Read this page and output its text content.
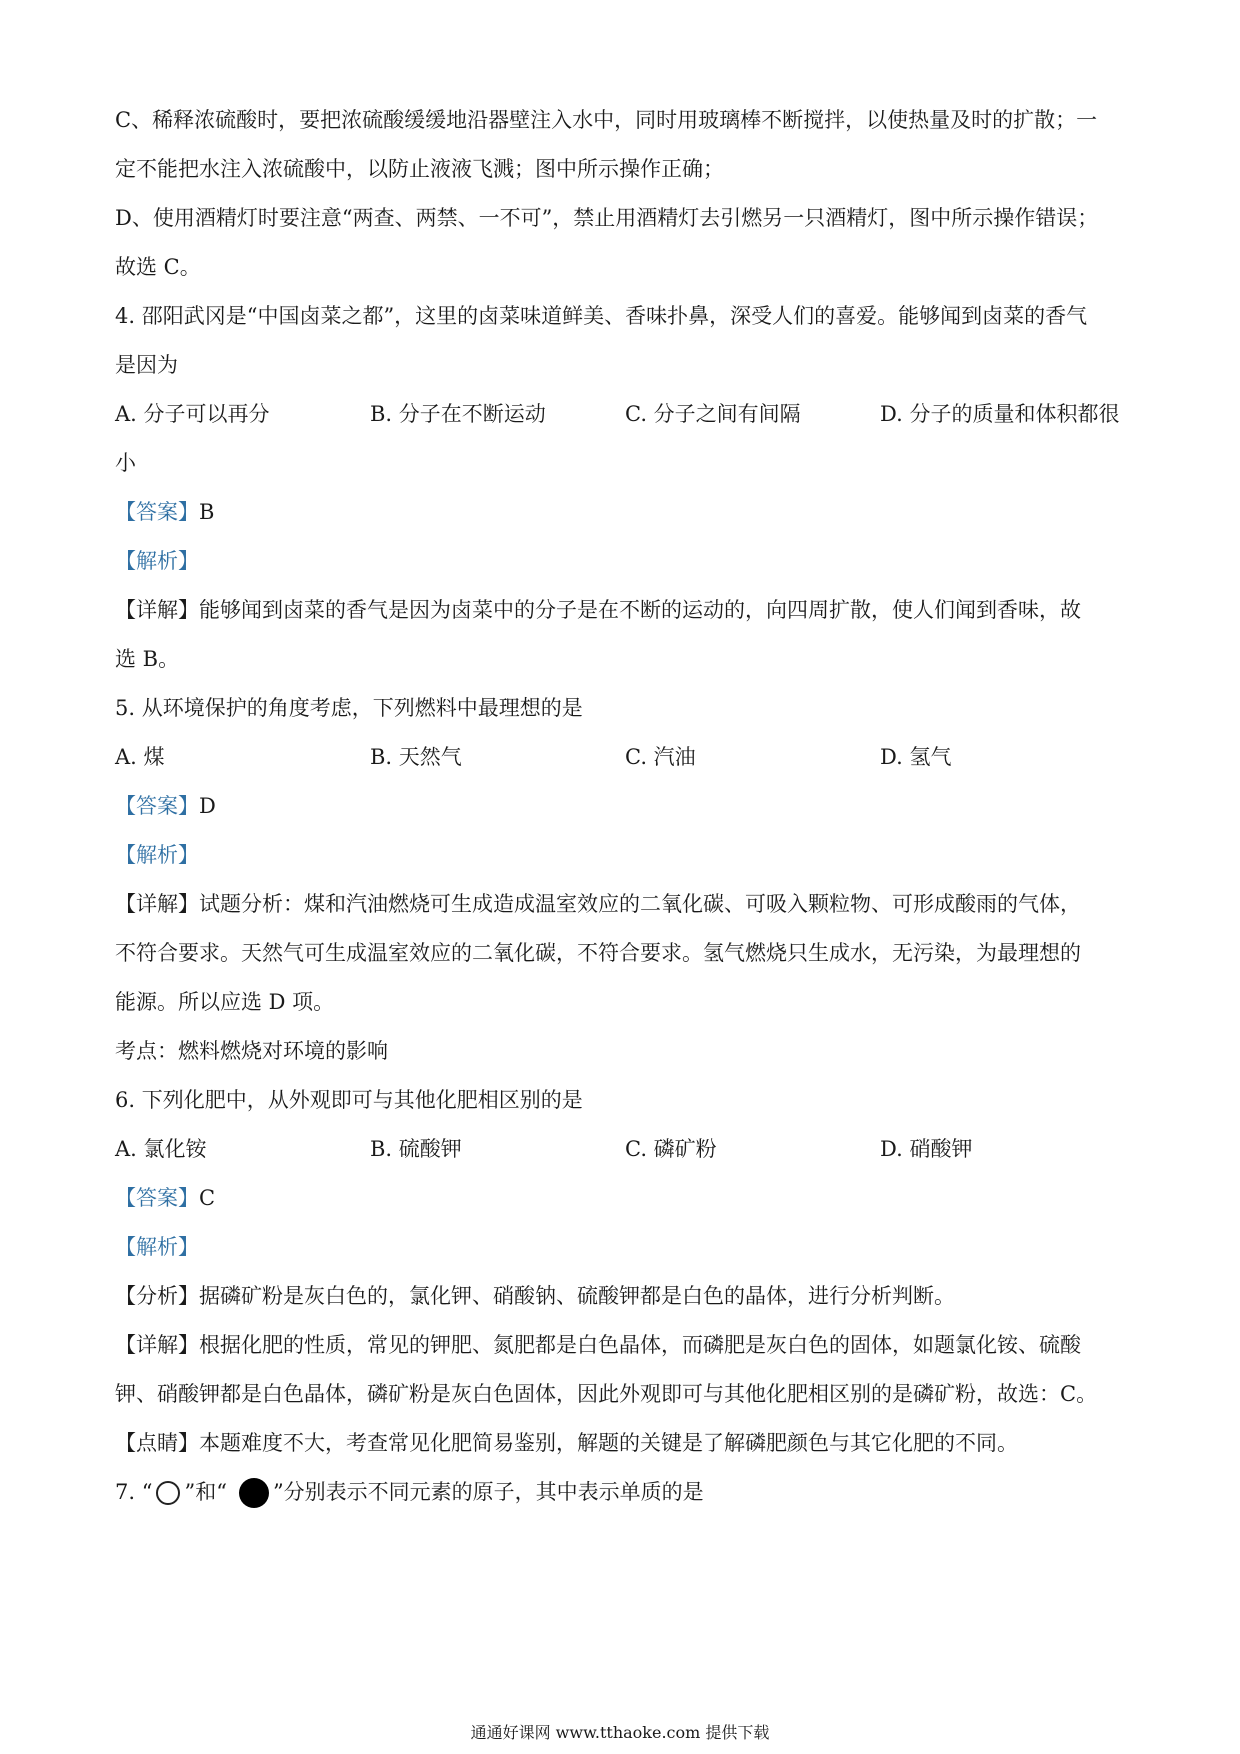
C、稀释浓硫酸时，要把浓硫酸缓缓地沿器壁注入水中，同时用玻璃棒不断搅拌，以使热量及时的扩散；一
定不能把水注入浓硫酸中，以防止液液飞溅；图中所示操作正确；
D、使用酒精灯时要注意“两查、两禁、一不可”，禁止用酒精灯去引燃另一只酒精灯，图中所示操作错误；
故选 C。
4. 邵阳武冈是“中国卤菜之都”，这里的卤菜味道鲜美、香味扑鼻，深受人们的喜爱。能够闻到卤菜的香气
是因为
A. 分子可以再分	B. 分子在不断运动	C. 分子之间有间隔	D. 分子的质量和体积都很
小
【答案】B
【解析】
【详解】能够闻到卤菜的香气是因为卤菜中的分子是在不断的运动的，向四周扩散，使人们闻到香味，故
选 B。
5. 从环境保护的角度考虑，下列燃料中最理想的是
A. 煤	B. 天然气	C. 汽油	D. 氢气
【答案】D
【解析】
【详解】试题分析：煤和汽油燃烧可生成造成温室效应的二氧化碳、可吸入颗粒物、可形成酸雨的气体，
不符合要求。天然气可生成温室效应的二氧化碳，不符合要求。氢气燃烧只生成水，无污染，为最理想的
能源。所以应选 D 项。
考点：燃料燃烧对环境的影响
6. 下列化肥中，从外观即可与其他化肥相区别的是
A. 氯化铵	B. 硫酸钾	C. 磷矿粉	D. 硝酸钾
【答案】C
【解析】
【分析】据磷矿粉是灰白色的，氯化钾、硝酸钠、硫酸钾都是白色的晶体，进行分析判断。
【详解】根据化肥的性质，常见的钾肥、氮肥都是白色晶体，而磷肥是灰白色的固体，如题氯化铵、硫酸
钾、硝酸钾都是白色晶体，磷矿粉是灰白色固体，因此外观即可与其他化肥相区别的是磷矿粉，故选：C。
【点睛】本题难度不大，考查常见化肥简易鉴别，解题的关键是了解磷肥颜色与其它化肥的不同。
7. “ ”和“ ”分别表示不同元素的原子，其中表示单质的是
通通好课网 www.tthaoke.com 提供下载
